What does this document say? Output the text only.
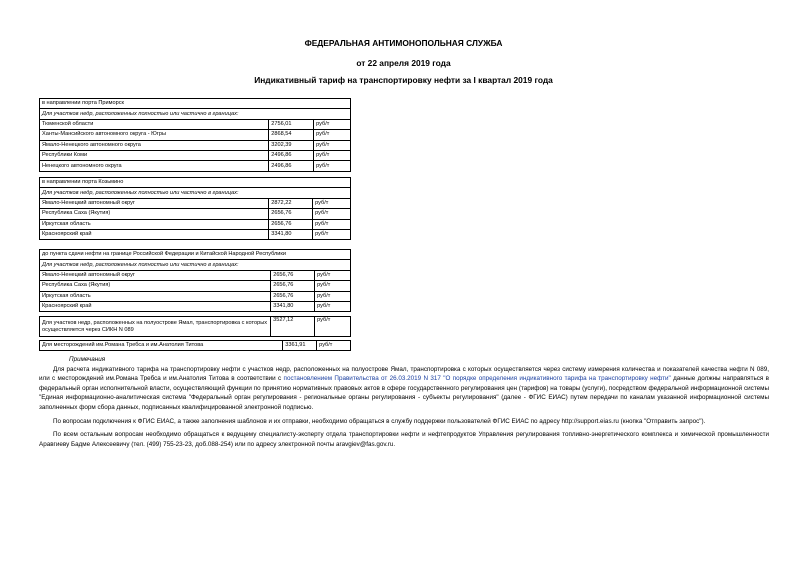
ФЕДЕРАЛЬНАЯ АНТИМОНОПОЛЬНАЯ СЛУЖБА
от 22 апреля 2019 года
Индикативный тариф на транспортировку нефти за I квартал 2019 года
в направлении порта Приморск		
Для участков недр, расположенных полностью или частично в границах:		
Тюменской области	2756,01	руб/т
Ханты-Мансийского автономного округа - Югры	2868,54	руб/т
Ямало-Ненецкого автономного округа	3202,39	руб/т
Республики Коми	2496,86	руб/т
Ненецкого автономного округа	2496,86	руб/т
в направлении порта Козьмино		
Для участков недр, расположенных полностью или частично в границах:		
Ямало-Ненецкий автономный округ	2872,22	руб/т
Республика Саха (Якутия)	2656,76	руб/т
Иркутская область	2656,76	руб/т
Красноярский край	3341,80	руб/т
до пункта сдачи нефти на границе Российской Федерации и Китайской Народной Республики		
Для участков недр, расположенных полностью или частично в границах:		
Ямало-Ненецкий автономный округ	2656,76	руб/т
Республика Саха (Якутия)	2656,76	руб/т
Иркутская область	2656,76	руб/т
Красноярский край	3341,80	руб/т
Для участков недр, расположенных на полуострове Ямал, транспортировка с которых осуществляется через СИКН N 089	3527,12	руб/т
Для месторождений им.Романа Требса и им.Анатолия Титова	3361,91	руб/т
Примечания

Для расчета индикативного тарифа на транспортировку нефти с участков недр, расположенных на полуострове Ямал, транспортировка с которых осуществляется через систему измерения количества и показателей качества нефти N 089, или с месторождений им.Романа Требса и им.Анатолия Титова в соответствии с постановлением Правительства от 26.03.2019 N 317 "О порядке определения индикативного тарифа на транспортировку нефти" данные должны направляться в федеральный орган исполнительной власти, осуществляющий функции по принятию нормативных правовых актов в сфере государственного регулирования цен (тарифов) на товары (услуги), посредством федеральной информационной системы "Единая информационно-аналитическая система "Федеральный орган регулирования - региональные органы регулирования - субъекты регулирования" (далее - ФГИС ЕИАС) путем передачи по каналам указанной информационной системы заполненных форм сбора данных, подписанных квалифицированной электронной подписью.

По вопросам подключения к ФГИС ЕИАС, а также заполнения шаблонов и их отправки, необходимо обращаться в службу поддержки пользователей ФГИС ЕИАС по адресу http://support.eias.ru (кнопка "Отправить запрос").

По всем остальным вопросам необходимо обращаться к ведущему специалисту-эксперту отдела транспортировки нефти и нефтепродуктов Управления регулирования топливно-энергетического комплекса и химической промышленности Аравгиеву Бадме Алексеевичу (тел. (499) 755-23-23, доб.088-254) или по адресу электронной почты aravgiev@fas.gov.ru.
